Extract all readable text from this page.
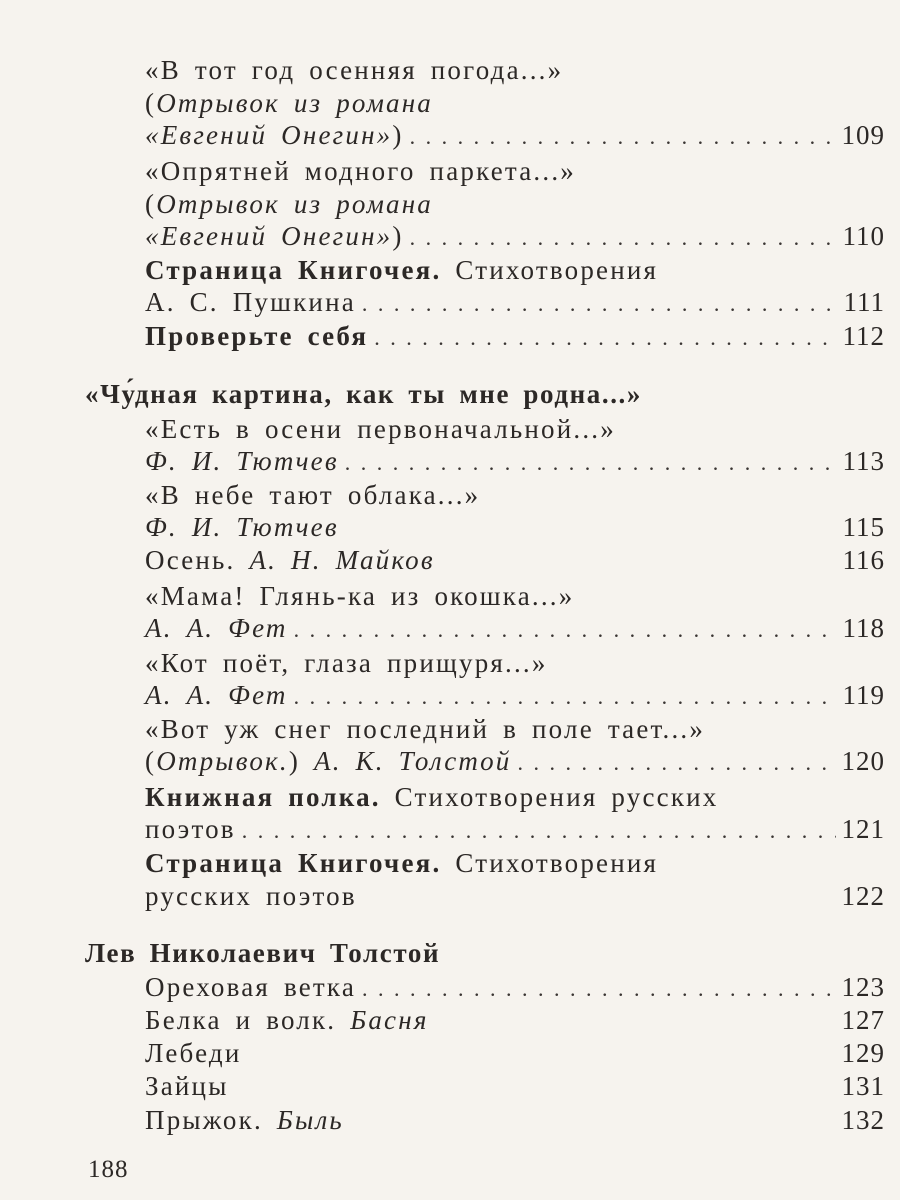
«В тот год осенняя погода...»
(Отрывок из романа
«Евгений Онегин» ) . . .	109
«Опрятней модного паркета...»
(Отрывок из романа
«Евгений Онегин» ) . . .	110
Страница Книгочея. Стихотворения
А. С. Пушкина . . .	111
Проверьте себя . . .	112
«Чу́дная картина, как ты мне родна...»
«Есть в осени первоначальной...»
Ф. И. Тютчев . . .	113
«В небе тают облака...»
Ф. И. Тютчев	115
Осень.
А. Н. Майков	116
«Мама! Глянь-ка из окошка...»
А. А. Фет . . .	118
«Кот поёт, глаза прищуря...»
А. А. Фет . . .	119
«Вот уж снег последний в поле тает...»
( Отрывок. )
А. К. Толстой . . .	120
Книжная полка. Стихотворения русских
поэтов . . .	121
Страница Книгочея. Стихотворения
русских поэтов	122
Лев Николаевич Толстой
Ореховая ветка . . .	123
Белка и волк.
Басня	127
Лебеди	129
Зайцы	131
Прыжок.
Быль	132
188
